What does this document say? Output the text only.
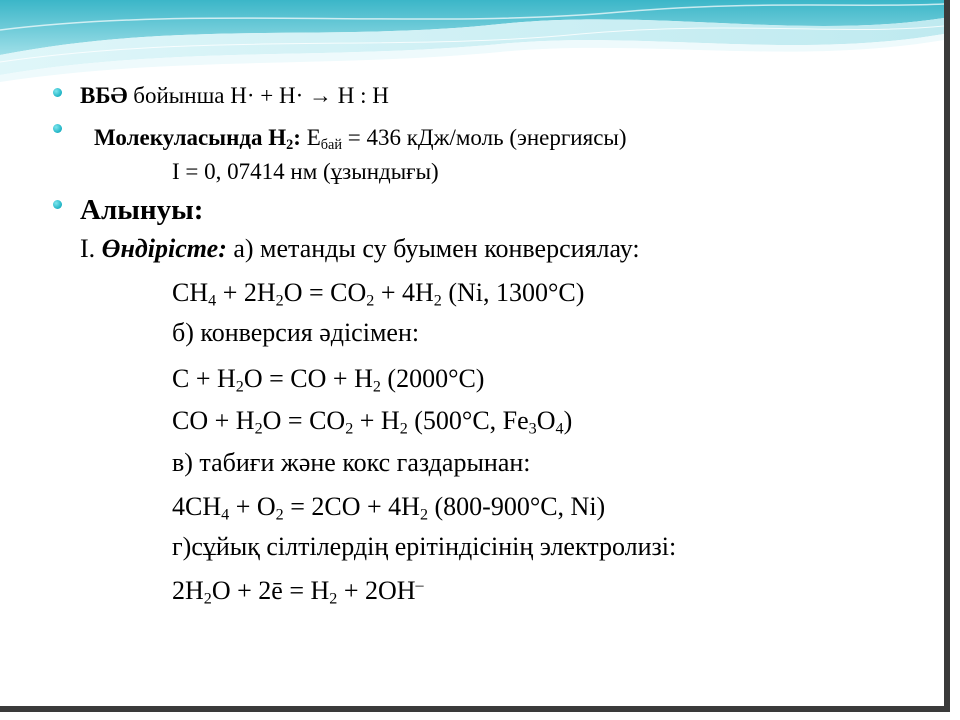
ВБӘ бойынша H· + H· → H : H
Молекуласында $H_2$: $E_{бай} = 436$ кДж/моль (энергиясы)
I = 0, 07414 нм (ұзындығы)
Алынуы:
I. Өндірісте: а) метанды су буымен конверсиялау:
$CH_4 + 2H_2O = CO_2 + 4H_2$ (Ni, 1300°C)
б) конверсия әдісімен:
$C + H_2O$ = CO + $H_2$ (2000°C)
CO + $H_2O = CO_2 + H_2$ (500°C, $Fe_3O_4$)
в) табиғи және кокс газдарынан:
$4CH_4 + O_2 = 2CO + 4H_2$ (800-900°C, Ni)
г)сұйық сілтілердің ерітіндісінің электролизі:
$2H_2O$ + 2ē = $H_2 + 2OH^-$
